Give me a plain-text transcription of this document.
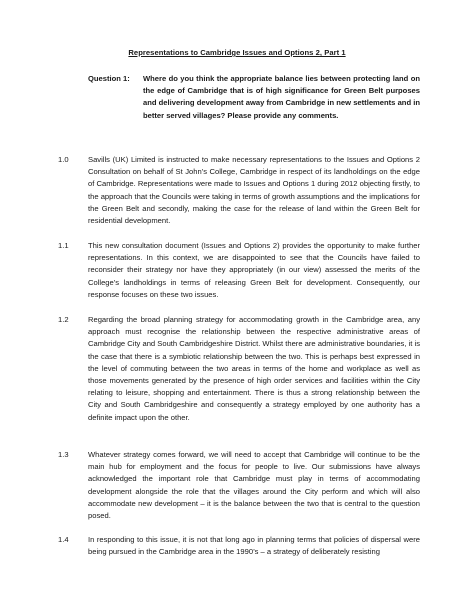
Representations to Cambridge Issues and Options 2, Part 1
Question 1:	Where do you think the appropriate balance lies between protecting land on the edge of Cambridge that is of high significance for Green Belt purposes and delivering development away from Cambridge in new settlements and in better served villages? Please provide any comments.
1.0	Savills (UK) Limited is instructed to make necessary representations to the Issues and Options 2 Consultation on behalf of St John’s College, Cambridge in respect of its landholdings on the edge of Cambridge. Representations were made to Issues and Options 1 during 2012 objecting firstly, to the approach that the Councils were taking in terms of growth assumptions and the implications for the Green Belt and secondly, making the case for the release of land within the Green Belt for residential development.
1.1	This new consultation document (Issues and Options 2) provides the opportunity to make further representations. In this context, we are disappointed to see that the Councils have failed to reconsider their strategy nor have they appropriately (in our view) assessed the merits of the College’s landholdings in terms of releasing Green Belt for development. Consequently, our response focuses on these two issues.
1.2	Regarding the broad planning strategy for accommodating growth in the Cambridge area, any approach must recognise the relationship between the respective administrative areas of Cambridge City and South Cambridgeshire District. Whilst there are administrative boundaries, it is the case that there is a symbiotic relationship between the two. This is perhaps best expressed in the level of commuting between the two areas in terms of the home and workplace as well as those movements generated by the presence of high order services and facilities within the City relating to leisure, shopping and entertainment. There is thus a strong relationship between the City and South Cambridgeshire and consequently a strategy employed by one authority has a definite impact upon the other.
1.3	Whatever strategy comes forward, we will need to accept that Cambridge will continue to be the main hub for employment and the focus for people to live. Our submissions have always acknowledged the important role that Cambridge must play in terms of accommodating development alongside the role that the villages around the City perform and which will also accommodate new development – it is the balance between the two that is central to the question posed.
1.4	In responding to this issue, it is not that long ago in planning terms that policies of dispersal were being pursued in the Cambridge area in the 1990’s – a strategy of deliberately resisting
